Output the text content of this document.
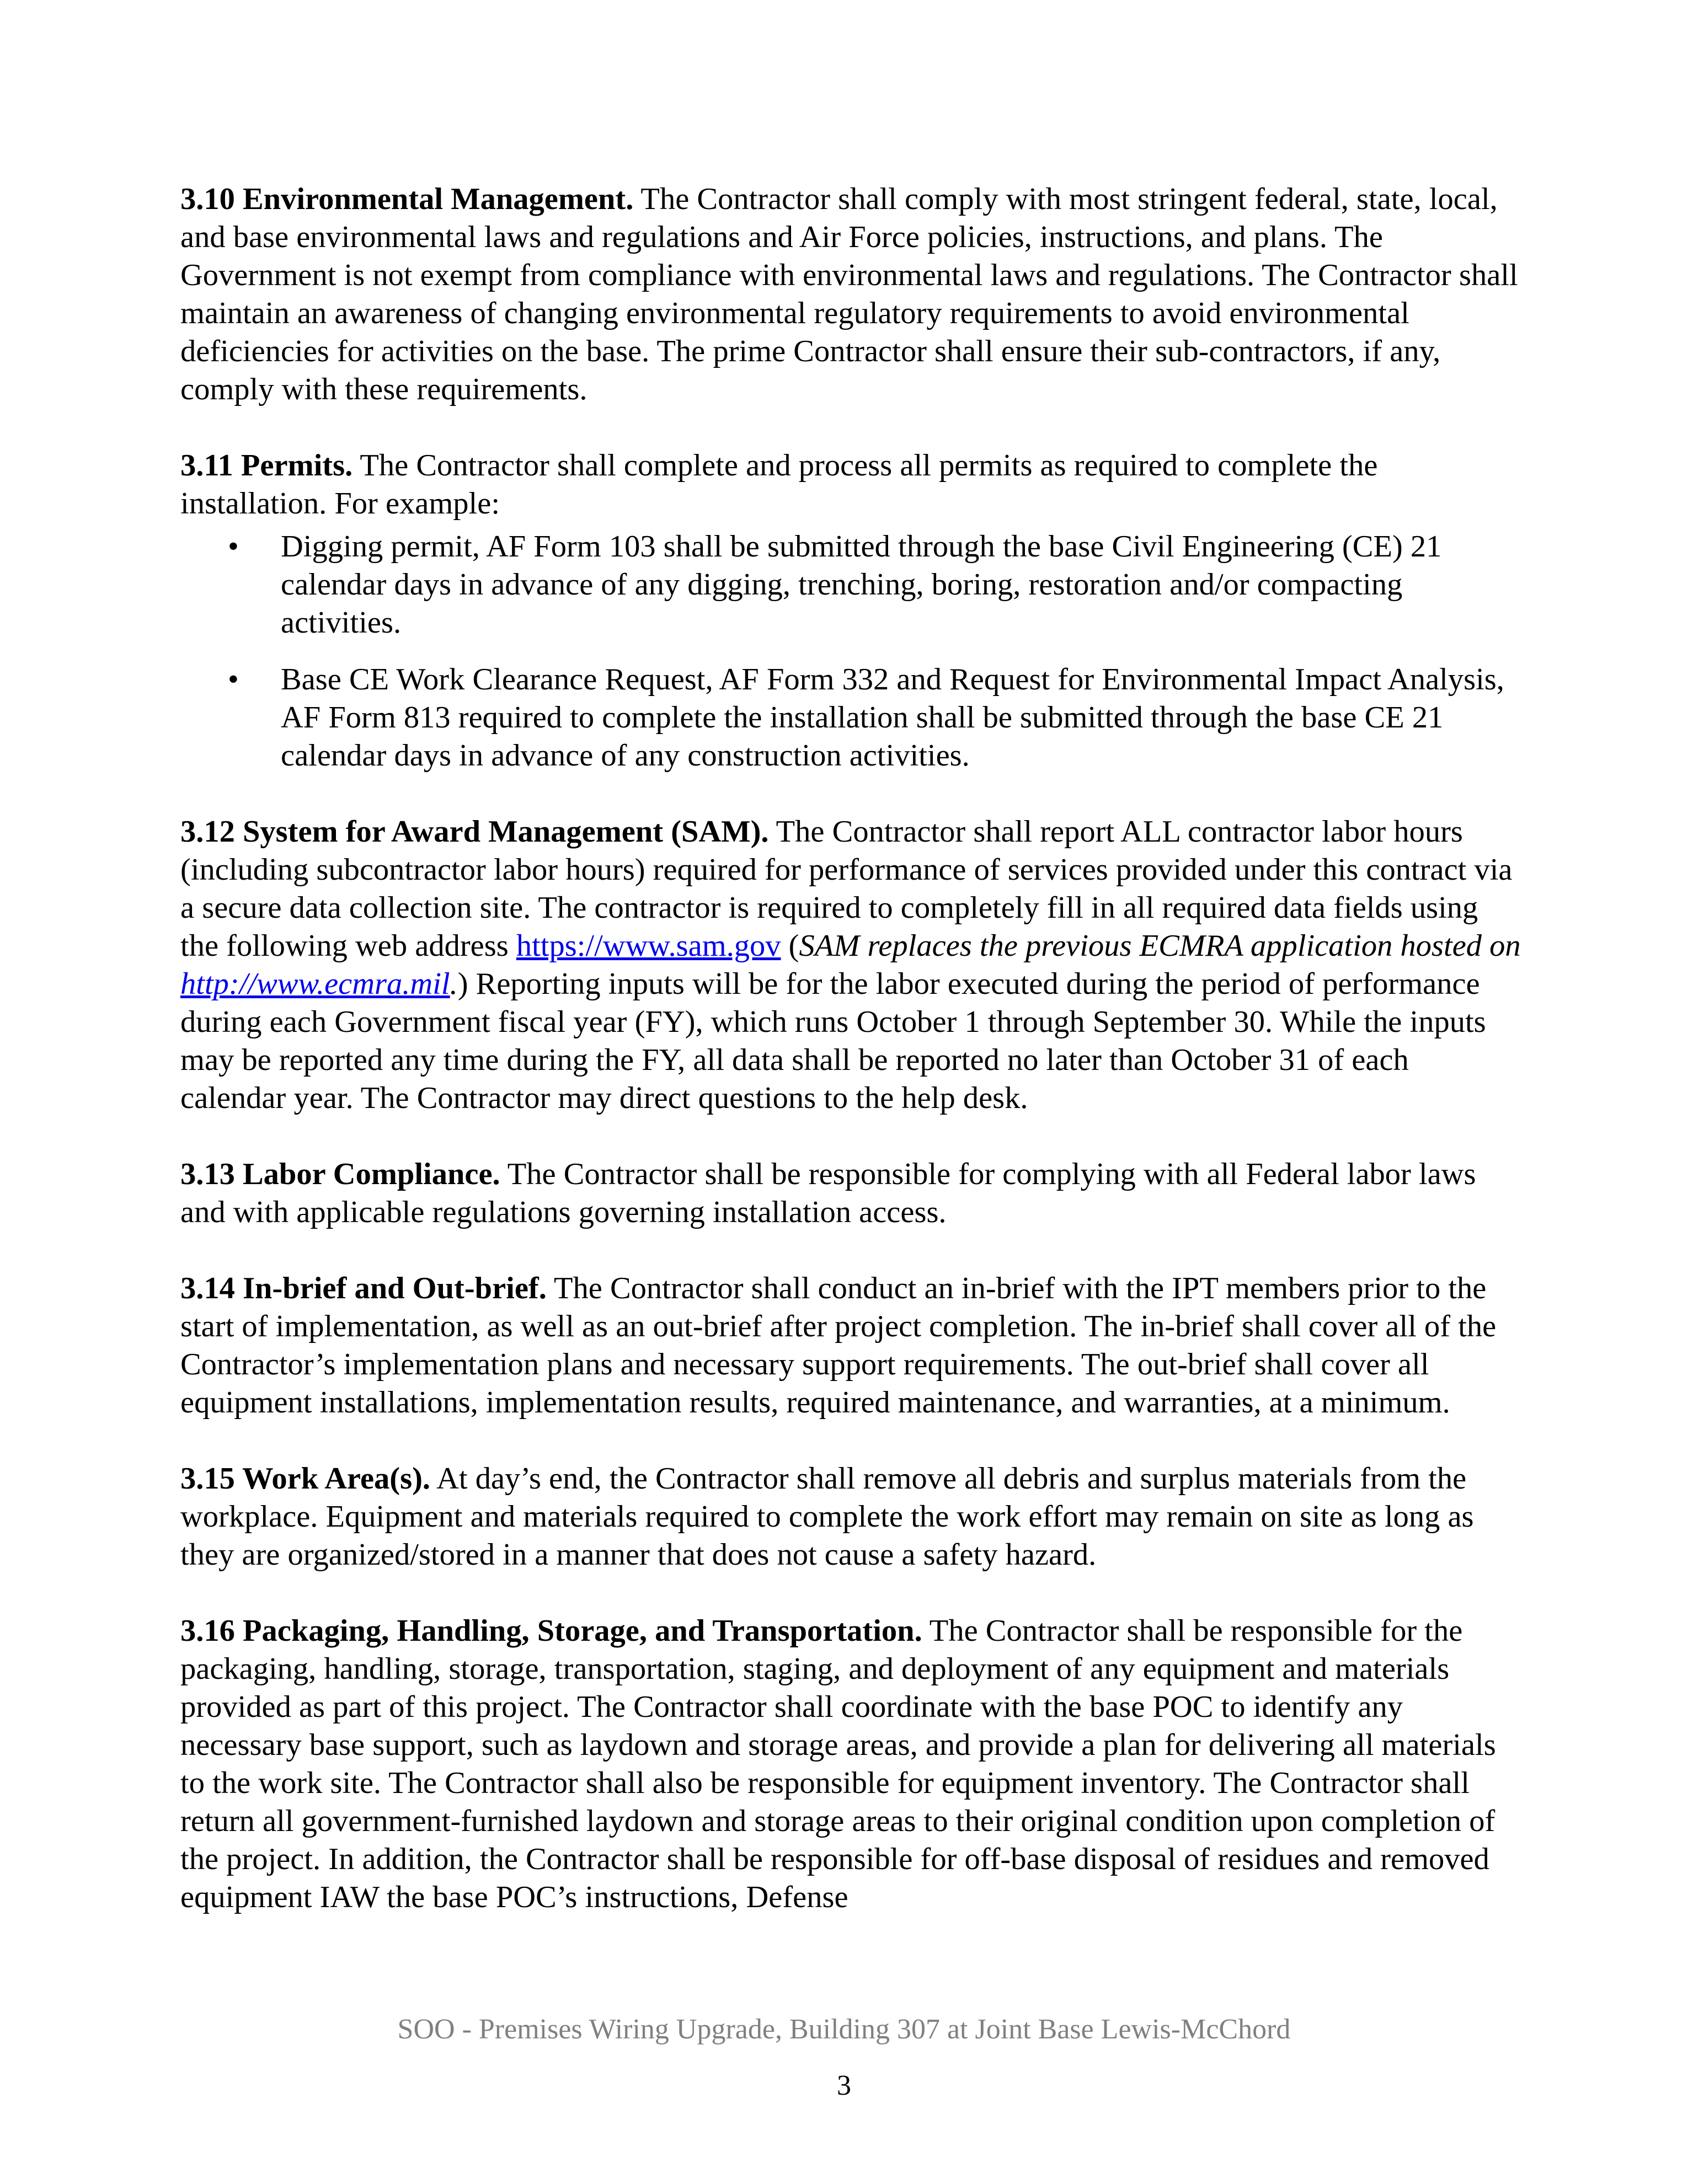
3.10 Environmental Management. The Contractor shall comply with most stringent federal, state, local, and base environmental laws and regulations and Air Force policies, instructions, and plans. The Government is not exempt from compliance with environmental laws and regulations. The Contractor shall maintain an awareness of changing environmental regulatory requirements to avoid environmental deficiencies for activities on the base. The prime Contractor shall ensure their sub-contractors, if any, comply with these requirements.

3.11 Permits. The Contractor shall complete and process all permits as required to complete the installation. For example:

• Digging permit, AF Form 103 shall be submitted through the base Civil Engineering (CE) 21 calendar days in advance of any digging, trenching, boring, restoration and/or compacting activities.
• Base CE Work Clearance Request, AF Form 332 and Request for Environmental Impact Analysis, AF Form 813 required to complete the installation shall be submitted through the base CE 21 calendar days in advance of any construction activities.

3.12 System for Award Management (SAM). The Contractor shall report ALL contractor labor hours (including subcontractor labor hours) required for performance of services provided under this contract via a secure data collection site. The contractor is required to completely fill in all required data fields using the following web address https://www.sam.gov (SAM replaces the previous ECMRA application hosted on http://www.ecmra.mil.) Reporting inputs will be for the labor executed during the period of performance during each Government fiscal year (FY), which runs October 1 through September 30. While the inputs may be reported any time during the FY, all data shall be reported no later than October 31 of each calendar year. The Contractor may direct questions to the help desk.

3.13 Labor Compliance. The Contractor shall be responsible for complying with all Federal labor laws and with applicable regulations governing installation access.

3.14 In-brief and Out-brief. The Contractor shall conduct an in-brief with the IPT members prior to the start of implementation, as well as an out-brief after project completion. The in-brief shall cover all of the Contractor’s implementation plans and necessary support requirements. The out-brief shall cover all equipment installations, implementation results, required maintenance, and warranties, at a minimum.

3.15 Work Area(s). At day’s end, the Contractor shall remove all debris and surplus materials from the workplace. Equipment and materials required to complete the work effort may remain on site as long as they are organized/stored in a manner that does not cause a safety hazard.

3.16 Packaging, Handling, Storage, and Transportation. The Contractor shall be responsible for the packaging, handling, storage, transportation, staging, and deployment of any equipment and materials provided as part of this project. The Contractor shall coordinate with the base POC to identify any necessary base support, such as laydown and storage areas, and provide a plan for delivering all materials to the work site. The Contractor shall also be responsible for equipment inventory. The Contractor shall return all government-furnished laydown and storage areas to their original condition upon completion of the project. In addition, the Contractor shall be responsible for off-base disposal of residues and removed equipment IAW the base POC’s instructions, Defense

SOO - Premises Wiring Upgrade, Building 307 at Joint Base Lewis-McChord
3
